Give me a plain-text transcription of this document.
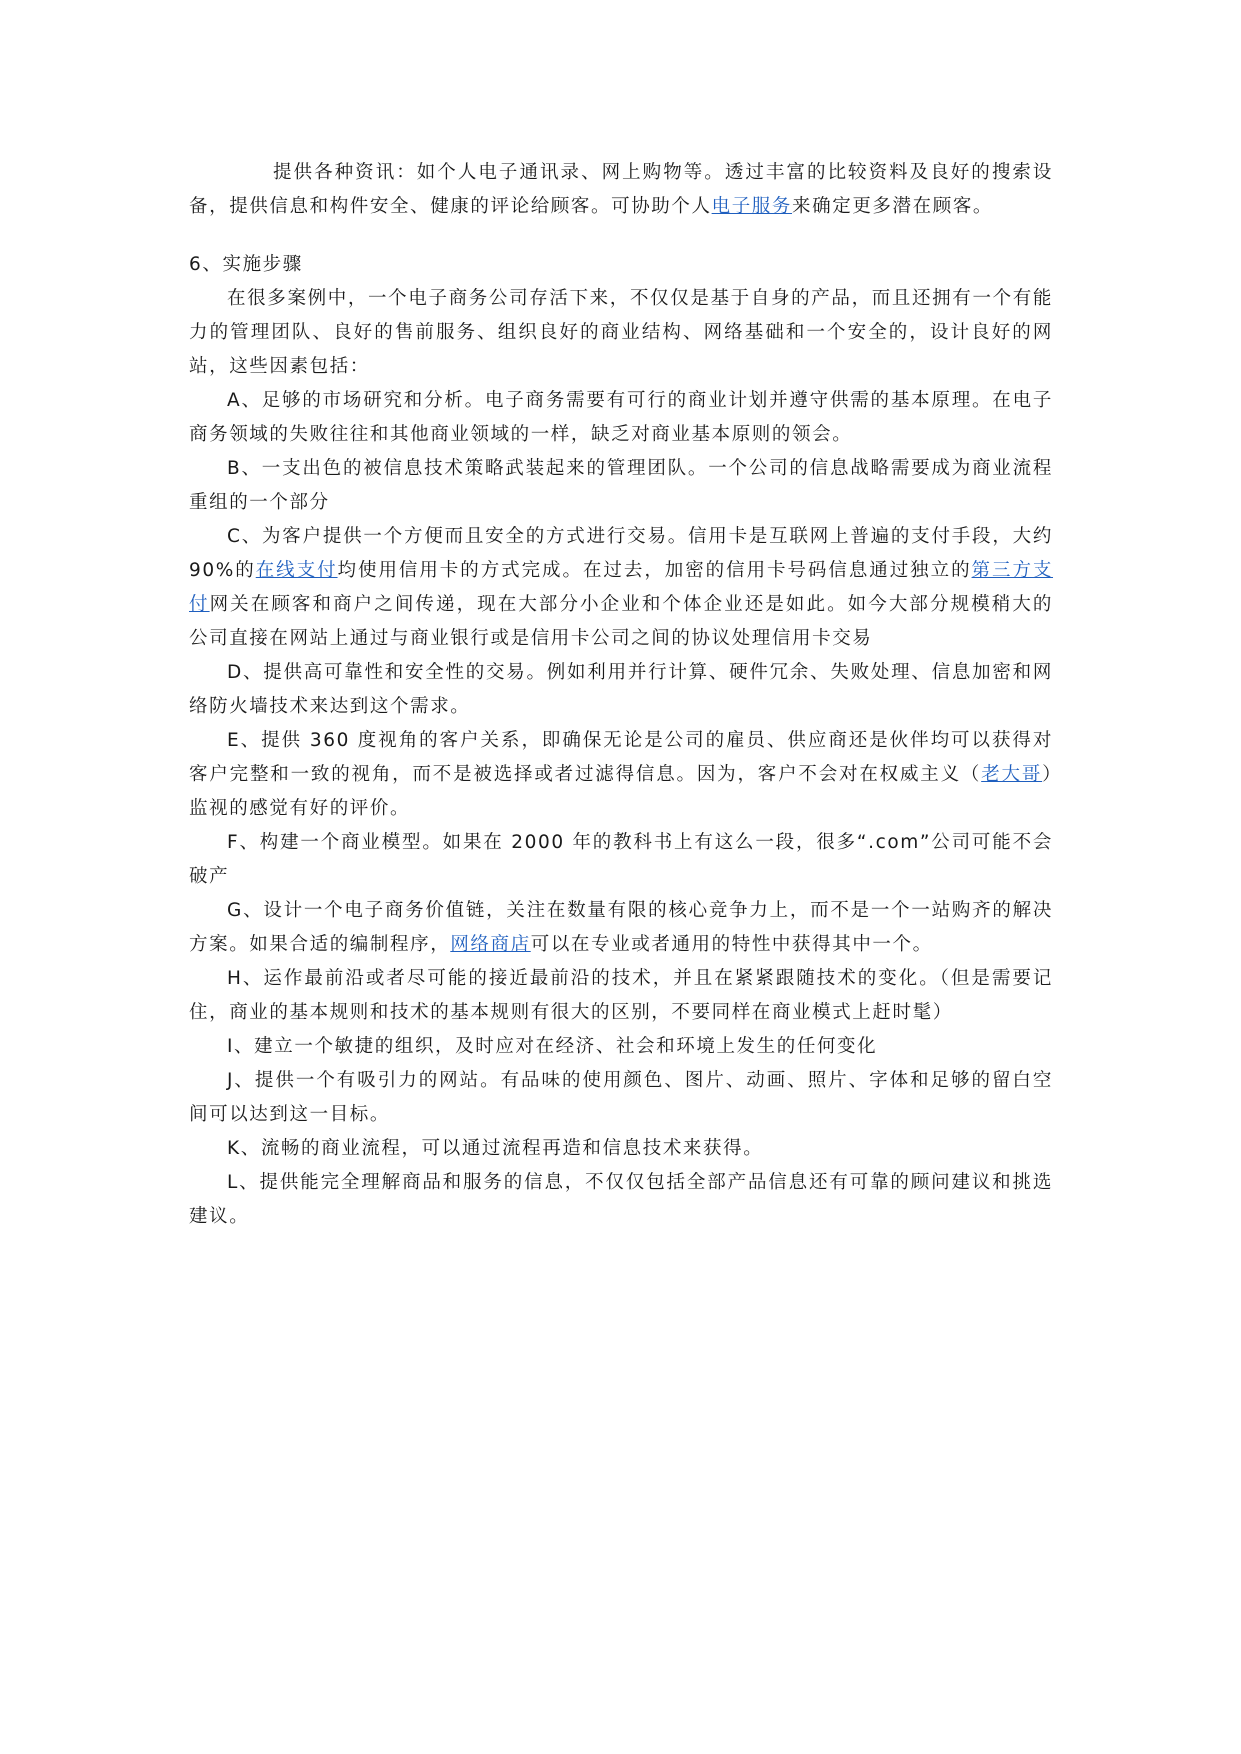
提供各种资讯：如个人电子通讯录、网上购物等。透过丰富的比较资料及良好的搜索设备，提供信息和构件安全、健康的评论给顾客。可协助个人电子服务来确定更多潜在顾客。

6、实施步骤

在很多案例中，一个电子商务公司存活下来，不仅仅是基于自身的产品，而且还拥有一个有能力的管理团队、良好的售前服务、组织良好的商业结构、网络基础和一个安全的，设计良好的网站，这些因素包括：

A、足够的市场研究和分析。电子商务需要有可行的商业计划并遵守供需的基本原理。在电子商务领域的失败往往和其他商业领域的一样，缺乏对商业基本原则的领会。

B、一支出色的被信息技术策略武装起来的管理团队。一个公司的信息战略需要成为商业流程重组的一个部分

C、为客户提供一个方便而且安全的方式进行交易。信用卡是互联网上普遍的支付手段，大约 90%的在线支付均使用信用卡的方式完成。在过去，加密的信用卡号码信息通过独立的第三方支付网关在顾客和商户之间传递，现在大部分小企业和个体企业还是如此。如今大部分规模稍大的公司直接在网站上通过与商业银行或是信用卡公司之间的协议处理信用卡交易

D、提供高可靠性和安全性的交易。例如利用并行计算、硬件冗余、失败处理、信息加密和网络防火墙技术来达到这个需求。

E、提供 360 度视角的客户关系，即确保无论是公司的雇员、供应商还是伙伴均可以获得对客户完整和一致的视角，而不是被选择或者过滤得信息。因为，客户不会对在权威主义（老大哥）监视的感觉有好的评价。

F、构建一个商业模型。如果在 2000 年的教科书上有这么一段，很多“.com”公司可能不会破产

G、设计一个电子商务价值链，关注在数量有限的核心竞争力上，而不是一个一站购齐的解决方案。如果合适的编制程序，网络商店可以在专业或者通用的特性中获得其中一个。

H、运作最前沿或者尽可能的接近最前沿的技术，并且在紧紧跟随技术的变化。（但是需要记住，商业的基本规则和技术的基本规则有很大的区别，不要同样在商业模式上赶时髦）

I、建立一个敏捷的组织，及时应对在经济、社会和环境上发生的任何变化

J、提供一个有吸引力的网站。有品味的使用颜色、图片、动画、照片、字体和足够的留白空间可以达到这一目标。

K、流畅的商业流程，可以通过流程再造和信息技术来获得。

L、提供能完全理解商品和服务的信息，不仅仅包括全部产品信息还有可靠的顾问建议和挑选建议。
